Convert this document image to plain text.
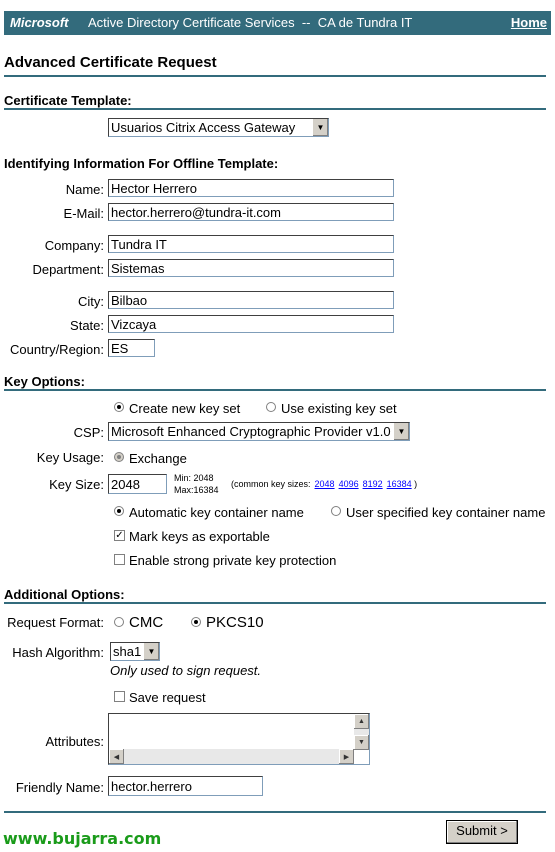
Microsoft Active Directory Certificate Services  --  CA de Tundra IT	Home
Advanced Certificate Request
Certificate Template:
Usuarios Citrix Access Gateway	▼
Identifying Information For Offline Template:
Name: Hector Herrero
E-Mail: hector.herrero@tundra-it.com
Company: Tundra IT
Department: Sistemas
City: Bilbao
State: Vizcaya
Country/Region: ES
Key Options:
Create new key set	Use existing key set
CSP: Microsoft Enhanced Cryptographic Provider v1.0 ▼
Key Usage: Exchange
Key Size: 2048	Min: 2048
Max:16384
(common key sizes: 2048 4096 8192 16384 )
Automatic key container name	User specified key container name
✓ Mark keys as exportable
Enable strong private key protection
Additional Options:
Request Format: CMC	PKCS10
Hash Algorithm: sha1 ▼
Only used to sign request.
Save request
Attributes:
▲
▼
◀	▶
Friendly Name: hector.herrero
Submit >
www.bujarra.com
